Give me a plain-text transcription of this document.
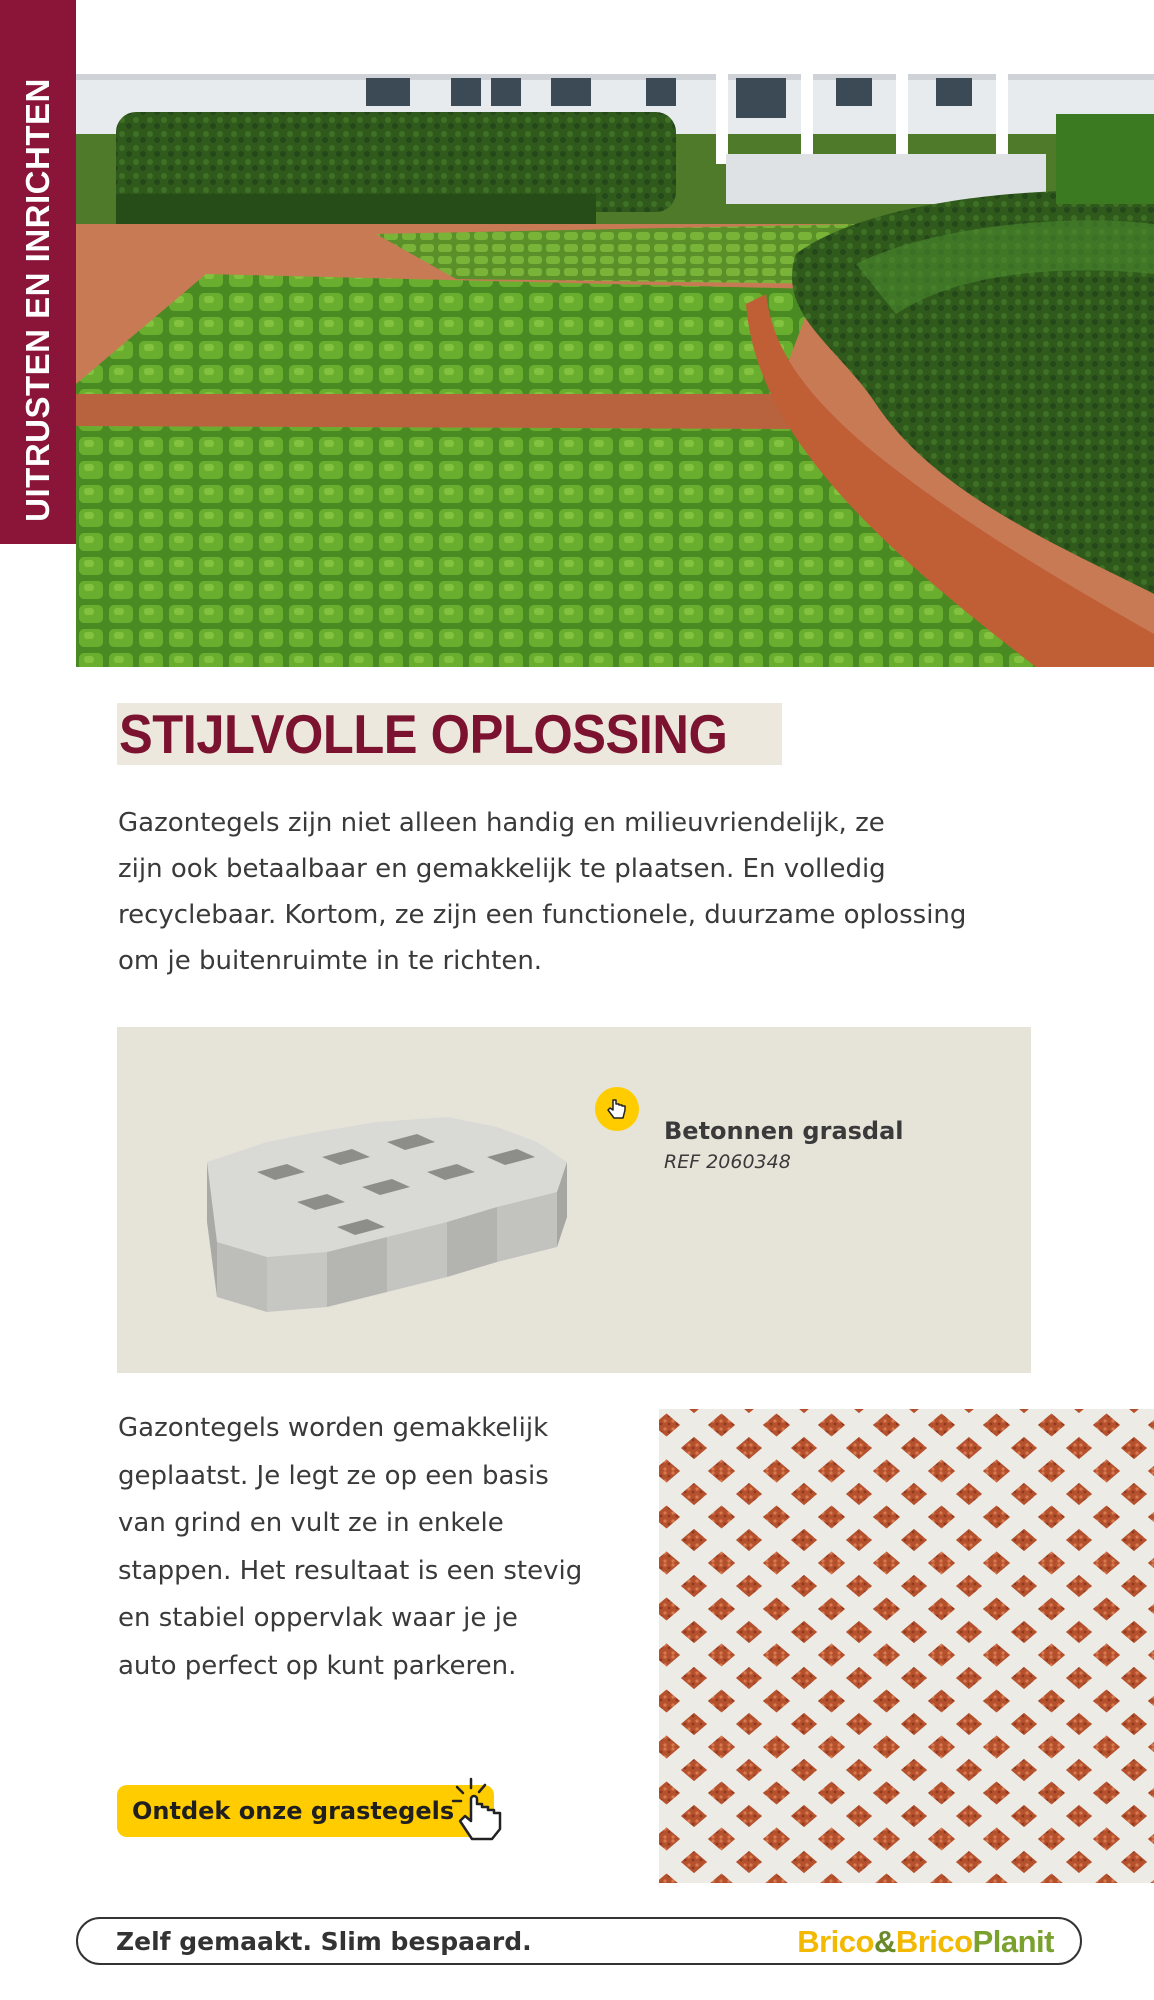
UITRUSTEN EN INRICHTEN
STIJLVOLLE OPLOSSING
Gazontegels zijn niet alleen handig en milieuvriendelijk, ze
zijn ook betaalbaar en gemakkelijk te plaatsen. En volledig
recyclebaar. Kortom, ze zijn een functionele, duurzame oplossing
om je buitenruimte in te richten.
Betonnen grasdal
REF 2060348
Gazontegels worden gemakkelijk
geplaatst. Je legt ze op een basis
van grind en vult ze in enkele
stappen. Het resultaat is een stevig
en stabiel oppervlak waar je je
auto perfect op kunt parkeren.
Ontdek onze grastegels
Zelf gemaakt. Slim bespaard.	Brico&BricoPlanit
